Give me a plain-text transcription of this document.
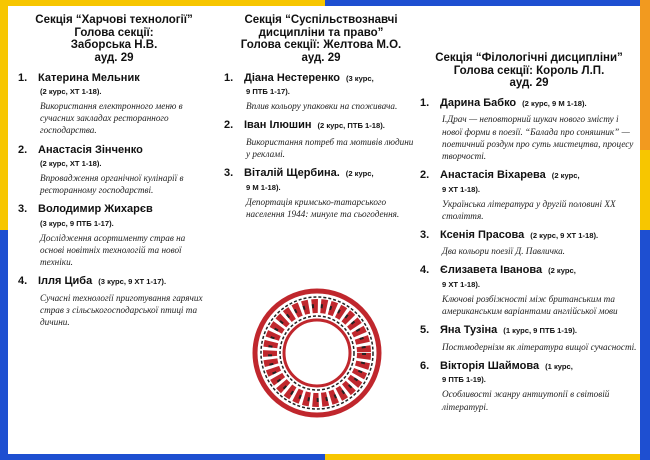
Секція “Харчові технології”

Голова секції:

Заборська Н.В.

ауд. 29

1. Катерина Мельник
(2 курс, ХТ 1-18).
Використання електронного меню в сучасних закладах ресторанного господарства.
2. Анастасія Зінченко
(2 курс, ХТ 1-18).
Впровадження органічної кулінарії в ресторанному господарстві.
3. Володимир Жихарєв
(3 курс, 9 ПТБ 1-17).
Дослідження асортименту страв на основі новітніх технологій та нової техніки.
4. Ілля Циба (3 курс, 9 ХТ 1-17).
Сучасні технології приготування гарячих страв з сільськогосподарської птиці та дичини.

Секція “Суспільствознавчі дисципліни та право”

Голова секції: Желтова М.О.

ауд. 29

1. Діана Нестеренко (3 курс,
9 ПТБ 1-17).
Вплив кольору упаковки на споживача.
2. Іван Ілюшин (2 курс, ПТБ 1-18).
Використання потреб та мотивів людини у рекламі.
3. Віталій Щербина. (2 курс,
9 М 1-18).
Депортація кримсько-татарського населення 1944: минуле та сьогодення.

Секція “Філологічні дисципліни”

Голова секції: Король Л.П.

ауд. 29

1. Дарина Бабко (2 курс, 9 М 1-18).
І.Драч — неповторний шукач нового змісту і нової форми в поезії. “Балада про соняшник” — поетичний роздум про суть мистецтва, процесу творчості.
2. Анастасія Віхарева (2 курс,
9 ХТ 1-18).
Українська література у другій половині XX століття.
3. Ксенія Прасова (2 курс, 9 ХТ 1-18).
Два кольори поезії Д. Павличка.
4. Єлизавета Іванова (2 курс,
9 ХТ 1-18).
Ключові розбіжності між британським та американським варіантами англійської мови
5. Яна Тузіна (1 курс, 9 ПТБ 1-19).
Постмодернізм як література вищої сучасності.
6. Вікторія Шаймова (1 курс,
9 ПТБ 1-19).
Особливості жанру антиутопії в світовій літературі.
